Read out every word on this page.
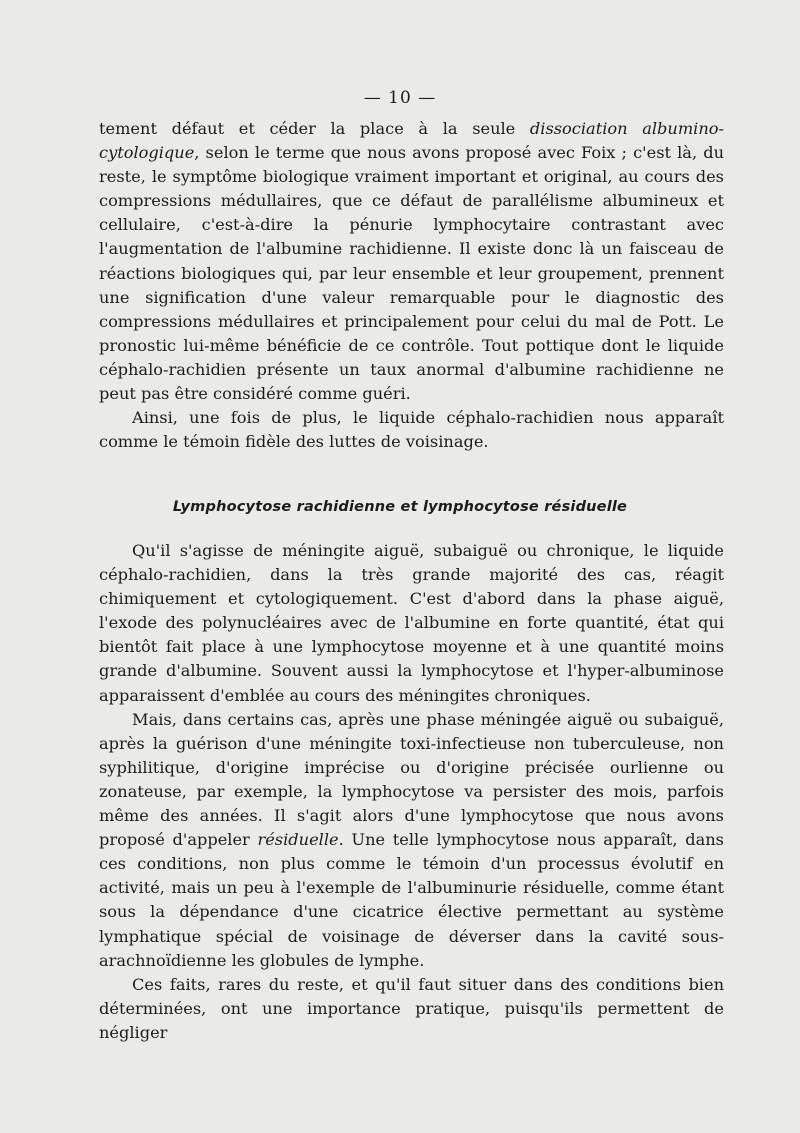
— 10 —

tement défaut et céder la place à la seule dissociation albumino-cytologique, selon le terme que nous avons proposé avec Foix ; c'est là, du reste, le symptôme biologique vraiment important et original, au cours des compressions médullaires, que ce défaut de parallélisme albumineux et cellulaire, c'est-à-dire la pénurie lymphocytaire contrastant avec l'augmentation de l'albumine rachidienne. Il existe donc là un faisceau de réactions biologiques qui, par leur ensemble et leur groupement, prennent une signification d'une valeur remarquable pour le diagnostic des compressions médullaires et principalement pour celui du mal de Pott. Le pronostic lui-même bénéficie de ce contrôle. Tout pottique dont le liquide céphalo-rachidien présente un taux anormal d'albumine rachidienne ne peut pas être considéré comme guéri.

Ainsi, une fois de plus, le liquide céphalo-rachidien nous apparaît comme le témoin fidèle des luttes de voisinage.

Lymphocytose rachidienne et lymphocytose résiduelle

Qu'il s'agisse de méningite aiguë, subaiguë ou chronique, le liquide céphalo-rachidien, dans la très grande majorité des cas, réagit chimiquement et cytologiquement. C'est d'abord dans la phase aiguë, l'exode des polynucléaires avec de l'albumine en forte quantité, état qui bientôt fait place à une lymphocytose moyenne et à une quantité moins grande d'albumine. Souvent aussi la lymphocytose et l'hyper-albuminose apparaissent d'emblée au cours des méningites chroniques.

Mais, dans certains cas, après une phase méningée aiguë ou subaiguë, après la guérison d'une méningite toxi-infectieuse non tuberculeuse, non syphilitique, d'origine imprécise ou d'origine précisée ourlienne ou zonateuse, par exemple, la lymphocytose va persister des mois, parfois même des années. Il s'agit alors d'une lymphocytose que nous avons proposé d'appeler résiduelle. Une telle lymphocytose nous apparaît, dans ces conditions, non plus comme le témoin d'un processus évolutif en activité, mais un peu à l'exemple de l'albuminurie résiduelle, comme étant sous la dépendance d'une cicatrice élective permettant au système lymphatique spécial de voisinage de déverser dans la cavité sous-arachnoïdienne les globules de lymphe.

Ces faits, rares du reste, et qu'il faut situer dans des conditions bien déterminées, ont une importance pratique, puisqu'ils permettent de négliger
